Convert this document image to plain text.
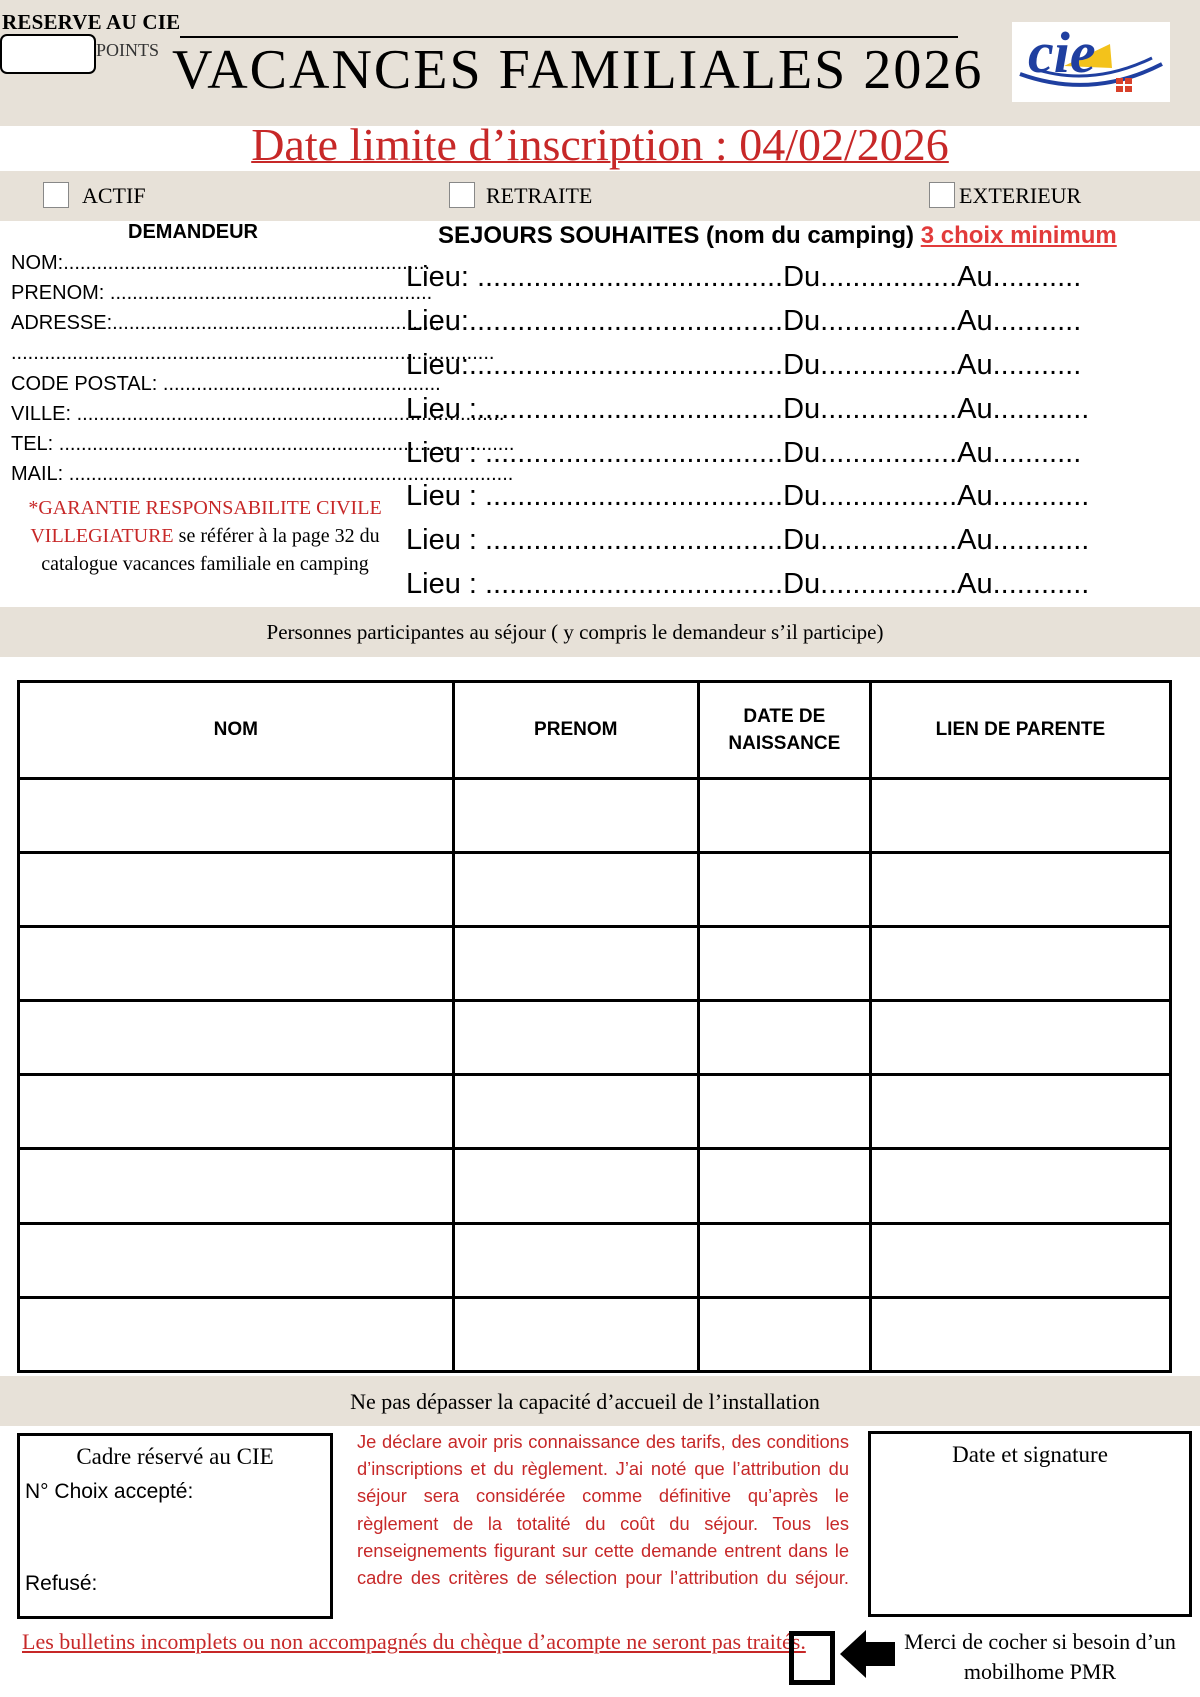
RESERVE AU CIE
POINTS VACANCES FAMILIALES 2026 cie
Date limite d’inscription : 04/02/2026
ACTIF	RETRAITE	EXTERIEUR
DEMANDEUR
NOM:..................................................................
PRENOM: ..........................................................
ADRESSE:...........................................................
.......................................................................................
CODE POSTAL: ..................................................
VILLE: .............................................................................
TEL: ..................................................................................
MAIL: ................................................................................
*GARANTIE RESPONSABILITE CIVILE VILLEGIATURE se référer à la page 32 du catalogue vacances familiale en camping
SEJOURS SOUHAITES (nom du camping) 3 choix minimum
Lieu: ......................................Du.................Au...........
Lieu:.......................................Du.................Au...........
Lieu:.......................................Du.................Au...........
Lieu :......................................Du.................Au............
Lieu : .....................................Du.................Au...........
Lieu : .....................................Du.................Au............
Lieu : .....................................Du.................Au............
Lieu : .....................................Du.................Au............
Personnes participantes au séjour ( y compris le demandeur s’il participe)
NOM	PRENOM	DATE DE NAISSANCE	LIEN DE PARENTE

Ne pas dépasser la capacité d’accueil de l’installation
Cadre réservé au CIE
N° Choix accepté:
Refusé:
Je déclare avoir pris connaissance des tarifs, des conditions d’inscriptions et du règlement. J’ai noté que l’attribution du séjour sera considérée comme définitive qu’après le règlement de la totalité du coût du séjour. Tous les renseignements figurant sur cette demande entrent dans le cadre des critères de sélection pour l’attribution du séjour.
Date et signature
Les bulletins incomplets ou non accompagnés du chèque d’acompte ne seront pas traités.	Merci de cocher si besoin d’un mobilhome PMR
